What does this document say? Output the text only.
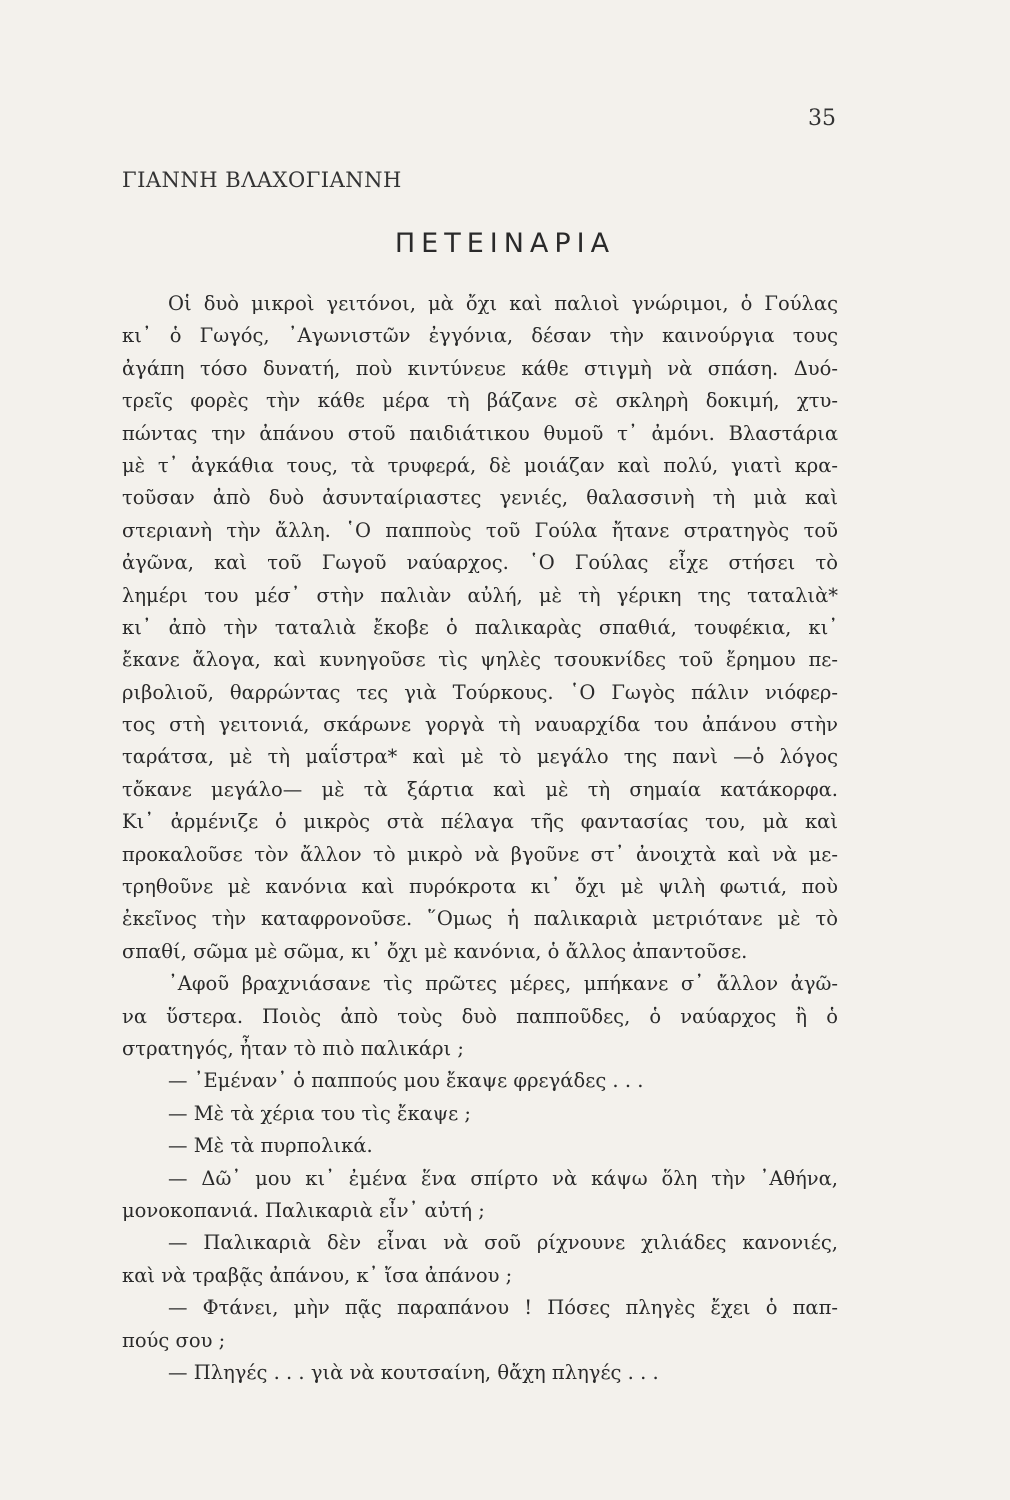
35
ΓΙΑΝΝΗ ΒΛΑΧΟΓΙΑΝΝΗ
ΠΕΤΕΙΝΑΡΙΑ
Οἱ δυὸ μικροὶ γειτόνοι, μὰ ὄχι καὶ παλιοὶ γνώριμοι, ὁ Γούλας
κι᾿ ὁ Γωγός, ᾿Αγωνιστῶν ἐγγόνια, δέσαν τὴν καινούργια τους
ἀγάπη τόσο δυνατή, ποὺ κιντύνευε κάθε στιγμὴ νὰ σπάση. Δυό-
τρεῖς φορὲς τὴν κάθε μέρα τὴ βάζανε σὲ σκληρὴ δοκιμή, χτυ-
πώντας την ἀπάνου στοῦ παιδιάτικου θυμοῦ τ᾿ ἀμόνι. Βλαστάρια
μὲ τ᾿ ἀγκάθια τους, τὰ τρυφερά, δὲ μοιάζαν καὶ πολύ, γιατὶ κρα-
τοῦσαν ἀπὸ δυὸ ἀσυνταίριαστες γενιές, θαλασσινὴ τὴ μιὰ καὶ
στεριανὴ τὴν ἄλλη. ῾Ο παπποὺς τοῦ Γούλα ἤτανε στρατηγὸς τοῦ
ἀγῶνα, καὶ τοῦ Γωγοῦ ναύαρχος. ῾Ο Γούλας εἶχε στήσει τὸ
λημέρι του μέσ᾿ στὴν παλιὰν αὐλή, μὲ τὴ γέρικη της ταταλιὰ*
κι᾿ ἀπὸ τὴν ταταλιὰ ἔκοβε ὁ παλικαρὰς σπαθιά, τουφέκια, κι᾿
ἔκανε ἄλογα, καὶ κυνηγοῦσε τὶς ψηλὲς τσουκνίδες τοῦ ἔρημου πε-
ριβολιοῦ, θαρρώντας τες γιὰ Τούρκους. ῾Ο Γωγὸς πάλιν νιόφερ-
τος στὴ γειτονιά, σκάρωνε γοργὰ τὴ ναυαρχίδα του ἀπάνου στὴν
ταράτσα, μὲ τὴ μαΐστρα* καὶ μὲ τὸ μεγάλο της πανὶ —ὁ λόγος
τὄκανε μεγάλο— μὲ τὰ ξάρτια καὶ μὲ τὴ σημαία κατάκορφα.
Κι᾿ ἀρμένιζε ὁ μικρὸς στὰ πέλαγα τῆς φαντασίας του, μὰ καὶ
προκαλοῦσε τὸν ἄλλον τὸ μικρὸ νὰ βγοῦνε στ᾿ ἀνοιχτὰ καὶ νὰ με-
τρηθοῦνε μὲ κανόνια καὶ πυρόκροτα κι᾿ ὄχι μὲ ψιλὴ φωτιά, ποὺ
ἐκεῖνος τὴν καταφρονοῦσε. ῞Ομως ἡ παλικαριὰ μετριότανε μὲ τὸ
σπαθί, σῶμα μὲ σῶμα, κι᾿ ὄχι μὲ κανόνια, ὁ ἄλλος ἀπαντοῦσε.
᾿Αφοῦ βραχνιάσανε τὶς πρῶτες μέρες, μπήκανε σ᾿ ἄλλον ἀγῶ-
να ὕστερα. Ποιὸς ἀπὸ τοὺς δυὸ παπποῦδες, ὁ ναύαρχος ἢ ὁ
στρατηγός, ἦταν τὸ πιὸ παλικάρι ;
— ᾿Εμέναν᾿ ὁ παππούς μου ἔκαψε φρεγάδες . . .
— Μὲ τὰ χέρια του τὶς ἔκαψε ;
— Μὲ τὰ πυρπολικά.
— Δῶ᾿ μου κι᾿ ἐμένα ἕνα σπίρτο νὰ κάψω ὅλη τὴν ᾿Αθήνα,
μονοκοπανιά. Παλικαριὰ εἶν᾿ αὐτή ;
— Παλικαριὰ δὲν εἶναι νὰ σοῦ ρίχνουνε χιλιάδες κανονιές,
καὶ νὰ τραβᾷς ἀπάνου, κ᾿ ἴσα ἀπάνου ;
— Φτάνει, μὴν πᾷς παραπάνου ! Πόσες πληγὲς ἔχει ὁ παπ-
πούς σου ;
— Πληγές . . . γιὰ νὰ κουτσαίνη, θἄχη πληγές . . .
